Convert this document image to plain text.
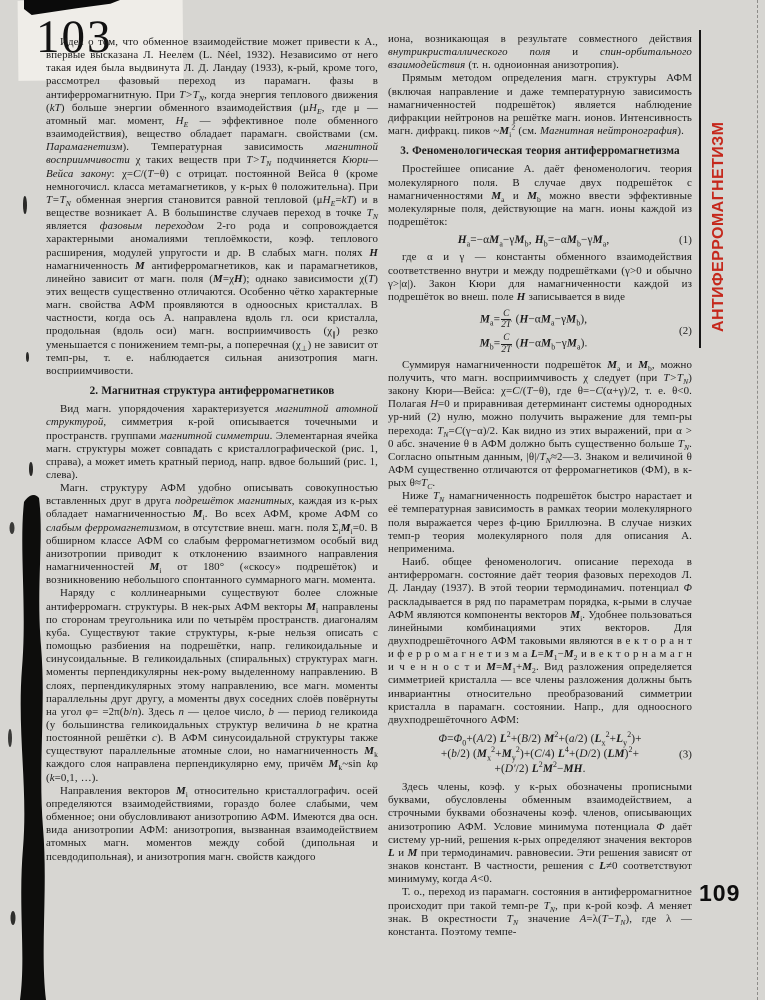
103
АНТИФЕРРОМАГНЕТИЗМ
109

Идея о том, что обменное взаимодействие может привести к А., впервые высказана Л. Неелем (L. Néel, 1932). Независимо от него такая идея была выдвинута Л. Д. Ландау (1933), к-рый, кроме того, рассмотрел фазовый переход из парамагн. фазы в антиферромагнитную. При $T>T_N$, когда энергия теплового движения (kT) больше энергии обменного взаимодействия ($\mu H_E$, где μ — атомный маг. момент, $H_E$ — эффективное поле обменного взаимодействия), вещество обладает парамагн. свойствами (см. Парамагнетизм). Температурная зависимость магнитной восприимчивости χ таких веществ при $T>T_N$ подчиняется Кюри—Вейса закону: χ=C/(T−θ) с отрицат. постоянной Вейса θ (кроме немногочисл. класса метамагнетиков, у к-рых θ положительна). При $T=T_N$ обменная энергия становится равной тепловой $(\mu H_E=kT)$ и в веществе возникает А. В большинстве случаев переход в точке $T_N$ является фазовым переходом 2-го рода и сопровождается характерными аномалиями теплоёмкости, коэф. теплового расширения, модулей упругости и др. В слабых магн. полях H намагниченность M антиферромагнетиков, как и парамагнетиков, линейно зависит от магн. поля (M=χH); однако зависимости χ(T) этих веществ существенно отличаются. Особенно чётко характерные магн. свойства АФМ проявляются в одноосных кристаллах. В частности, когда ось А. направлена вдоль гл. оси кристалла, продольная (вдоль оси) магн. восприимчивость $(\chi_\parallel)$ резко уменьшается с понижением темп-ры, а поперечная $(\chi_\perp)$ не зависит от темп-ры, т. е. наблюдается сильная анизотропия магн. восприимчивости.

2. Магнитная структура антиферромагнетиков

Вид магн. упорядочения характеризуется магнитной атомной структурой, симметрия к-рой описывается точечными и пространств. группами магнитной симметрии. Элементарная ячейка магн. структуры может совпадать с кристаллографической (рис. 1, справа), а может иметь кратный период, напр. вдвое больший (рис. 1, слева).

Магн. структуру АФМ удобно описывать совокупностью вставленных друг в друга подрешёток магнитных, каждая из к-рых обладает намагниченностью $M_i$. Во всех АФМ, кроме АФМ со слабым ферромагнетизмом, в отсутствие внеш. магн. поля $\Sigma_iM_i=0$. В обширном классе АФМ со слабым ферромагнетизмом особый вид анизотропии приводит к отклонению взаимного направления намагниченностей $M_i$ от 180° («скосу» подрешёток) и возникновению небольшого спонтанного суммарного магн. момента.

Наряду с коллинеарными существуют более сложные антиферромагн. структуры. В нек-рых АФМ векторы $M_i$ направлены по сторонам треугольника или по четырём пространств. диагоналям куба. Существуют такие структуры, к-рые нельзя описать с помощью разбиения на подрешётки, напр. геликоидальные и синусоидальные. В геликоидальных (спиральных) структурах магн. моменты перпендикулярны нек-рому выделенному направлению. В слоях, перпендикулярных этому направлению, все магн. моменты параллельны друг другу, а моменты двух соседних слоёв повёрнуты на угол φ= =2π(b/n). Здесь n — целое число, b — период геликоида (у большинства геликоидальных структур величина b не кратна постоянной решётки c). В АФМ синусоидальной структуры также существуют параллельные атомные слои, но намагниченность $M_k$ каждого слоя направлена перпендикулярно ему, причём $M_k\sim\sin$ kφ (k=0,1, …).

Направления векторов $M_i$ относительно кристаллографич. осей определяются взаимодействиями, гораздо более слабыми, чем обменное; они обусловливают анизотропию АФМ. Имеются два осн. вида анизотропии АФМ: анизотропия, вызванная взаимодействием атомных магн. моментов между собой (дипольная и псевдодипольная), и анизотропия магн. свойств каждого

иона, возникающая в результате совместного действия внутрикристаллического поля и спин-орбитального взаимодействия (т. н. одноионная анизотропия).

Прямым методом определения магн. структуры АФМ (включая направление и даже температурную зависимость намагниченностей подрешёток) является наблюдение дифракции нейтронов на решётке магн. ионов. Интенсивность магн. дифракц. пиков $\sim M_i^2$ (см. Магнитная нейтронография).

3. Феноменологическая теория антиферромагнетизма

Простейшее описание А. даёт феноменологич. теория молекулярного поля. В случае двух подрешёток с намагниченностями $M_a$ и $M_b$ можно ввести эффективные молекулярные поля, действующие на магн. ионы каждой из подрешёток:

$H_a=-\alpha M_a-\gamma M_b$, $H_b=-\alpha M_b-\gamma M_a$,	(1)

где α и γ — константы обменного взаимодействия соответственно внутри и между подрешётками (γ>0 и обычно γ>|α|). Закон Кюри для намагниченности каждой из подрешёток во внеш. поле H записывается в виде

$M_a= \frac{C}{2T} (H-\alpha M_a-\gamma M_b)$,
$M_b= \frac{C}{2T} (H-\alpha M_b-\gamma M_a)$.
(2)

Суммируя намагниченности подрешёток $M_a$ и $M_b$, можно получить, что магн. восприимчивость χ следует (при $T>T_N$) закону Кюри—Вейса: χ=C/(T−θ), где θ=−C(α+γ)/2, т. е. θ<0. Полагая H=0 и приравнивая детерминант системы однородных ур-ний (2) нулю, можно получить выражение для темп-ры перехода: $T_N=C(\gamma-\alpha)/2$. Как видно из этих выражений, при α > 0 абс. значение θ в АФМ должно быть существенно больше $T_N$. Согласно опытным данным, $|\theta|/T_N\approx 2—3$. Знаком и величиной θ АФМ существенно отличаются от ферромагнетиков (ФМ), в к-рых $\theta\approx T_C$.

Ниже $T_N$ намагниченность подрешёток быстро нарастает и её температурная зависимость в рамках теории молекулярного поля выражается через ф-цию Бриллюэна. В случае низких темп-р теория молекулярного поля для описания А. неприменима.

Наиб. общее феноменологич. описание перехода в антиферромагн. состояние даёт теория фазовых переходов Л. Д. Ландау (1937). В этой теории термодинамич. потенциал Φ раскладывается в ряд по параметрам порядка, к-рыми в случае АФМ являются компоненты векторов $M_i$. Удобнее пользоваться линейными комбинациями этих векторов. Для двухподрешёточного АФМ таковыми являются в е к т о р а н т и ф е р р о м а г н е т и з м а $L=M_1-M_2$ и в е к т о р н а м а г н и ч е н н о с т и $M=M_1+M_2$. Вид разложения определяется симметрией кристалла — все члены разложения должны быть инвариантны относительно преобразований симметрии кристалла в парамагн. состоянии. Напр., для одноосного двухподрешёточного АФМ:

$\Phi=\Phi_0+(A/2)$ $L^2+(B/2)$ $M^2+(a/2)$ $(L_x^2+L_y^2)+$
+(b/2) $(M_x^2+M_y^2)+(C/4)$ $L^4+(D/2)$ (LM)$^2$+
+(D′/2) $L^2M^2-MH$.
(3)

Здесь члены, коэф. у к-рых обозначены прописными буквами, обусловлены обменным взаимодействием, а строчными буквами обозначены коэф. членов, описывающих анизотропию АФМ. Условие минимума потенциала Φ даёт систему ур-ний, решения к-рых определяют значения векторов L и M при термодинамич. равновесии. Эти решения зависят от знаков констант. В частности, решения с L≠0 соответствуют минимуму, когда A<0.

Т. о., переход из парамагн. состояния в антиферромагнитное происходит при такой темп-ре $T_N$, при к-рой коэф. A меняет знак. В окрестности $T_N$ значение $A=\lambda(T-T_N)$, где λ — константа. Поэтому темпе-
